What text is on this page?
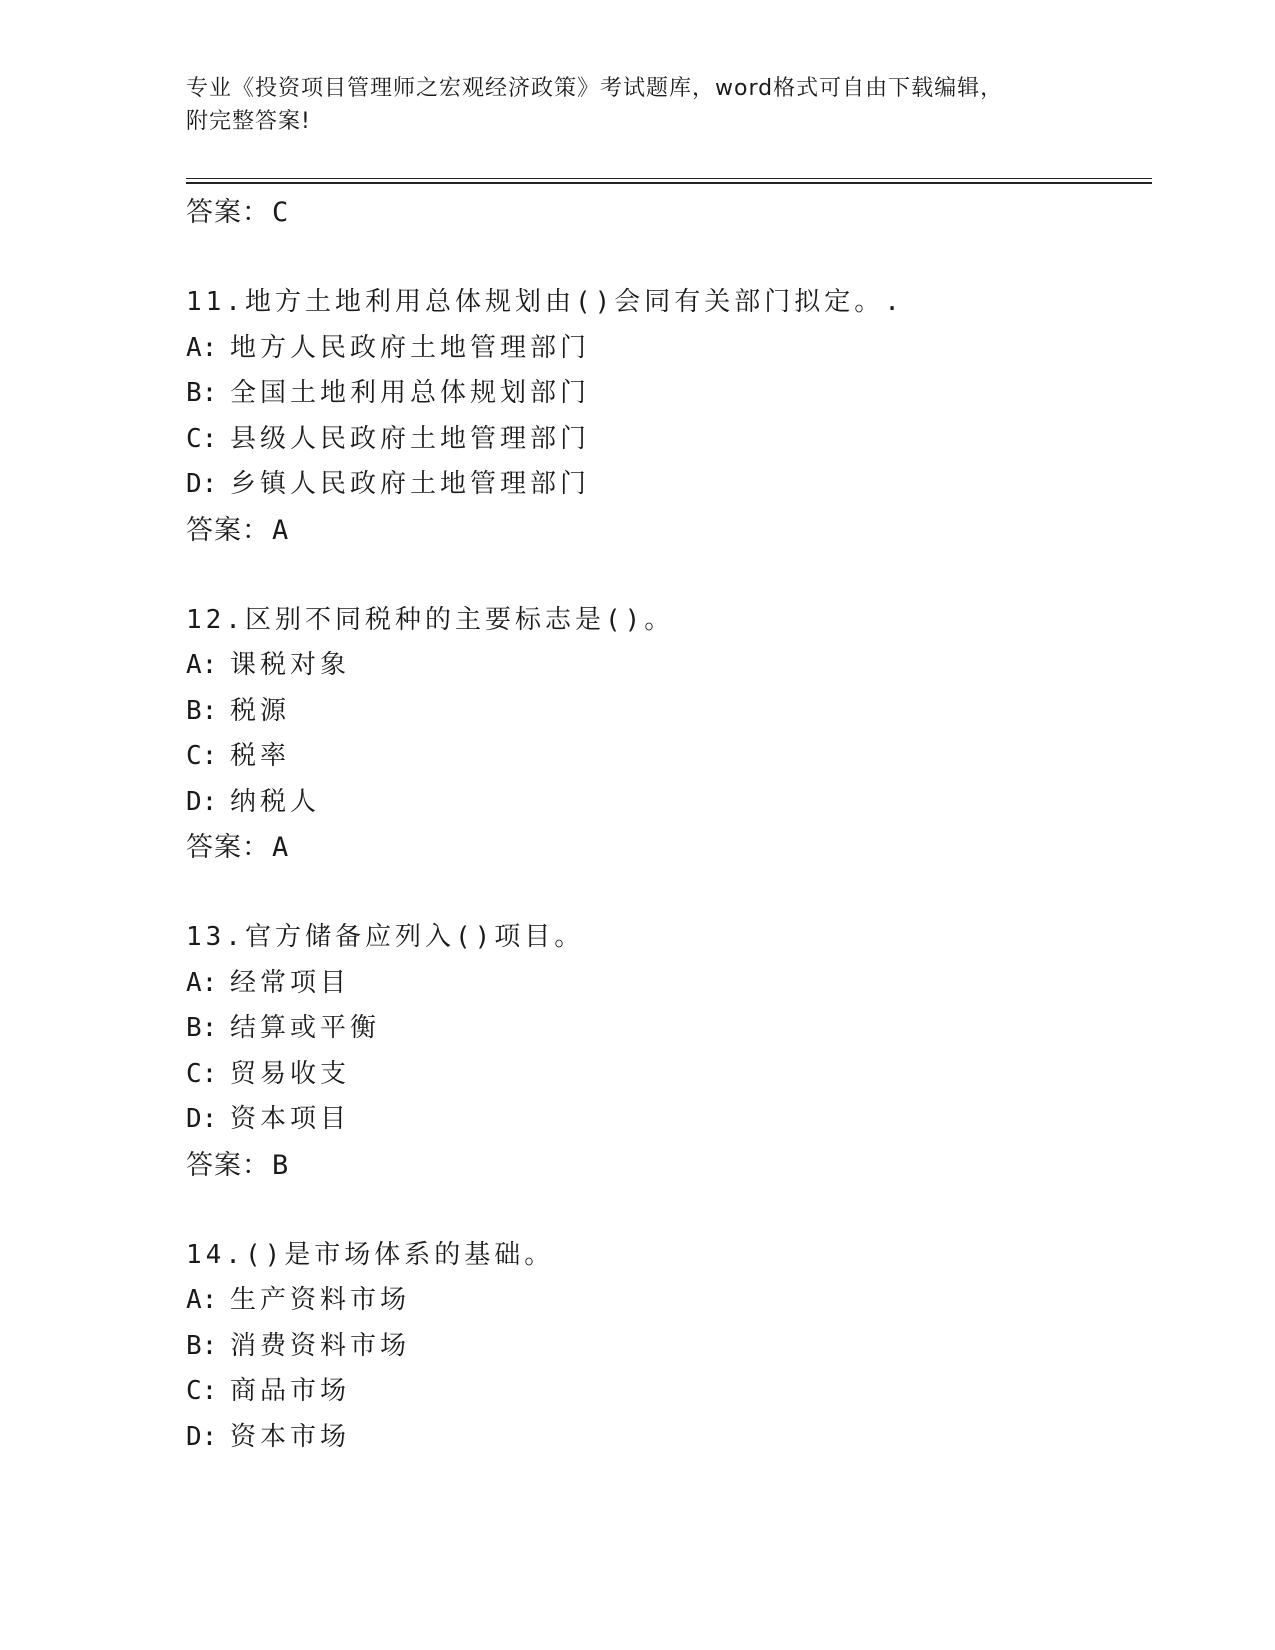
专业《投资项目管理师之宏观经济政策》考试题库，word格式可自由下载编辑，
附完整答案!
答案：C
11.地方土地利用总体规划由()会同有关部门拟定。.
A: 地方人民政府土地管理部门
B: 全国土地利用总体规划部门
C: 县级人民政府土地管理部门
D: 乡镇人民政府土地管理部门
答案：A
12.区别不同税种的主要标志是()。
A: 课税对象
B: 税源
C: 税率
D: 纳税人
答案：A
13.官方储备应列入()项目。
A: 经常项目
B: 结算或平衡
C: 贸易收支
D: 资本项目
答案：B
14.()是市场体系的基础。
A: 生产资料市场
B: 消费资料市场
C: 商品市场
D: 资本市场
